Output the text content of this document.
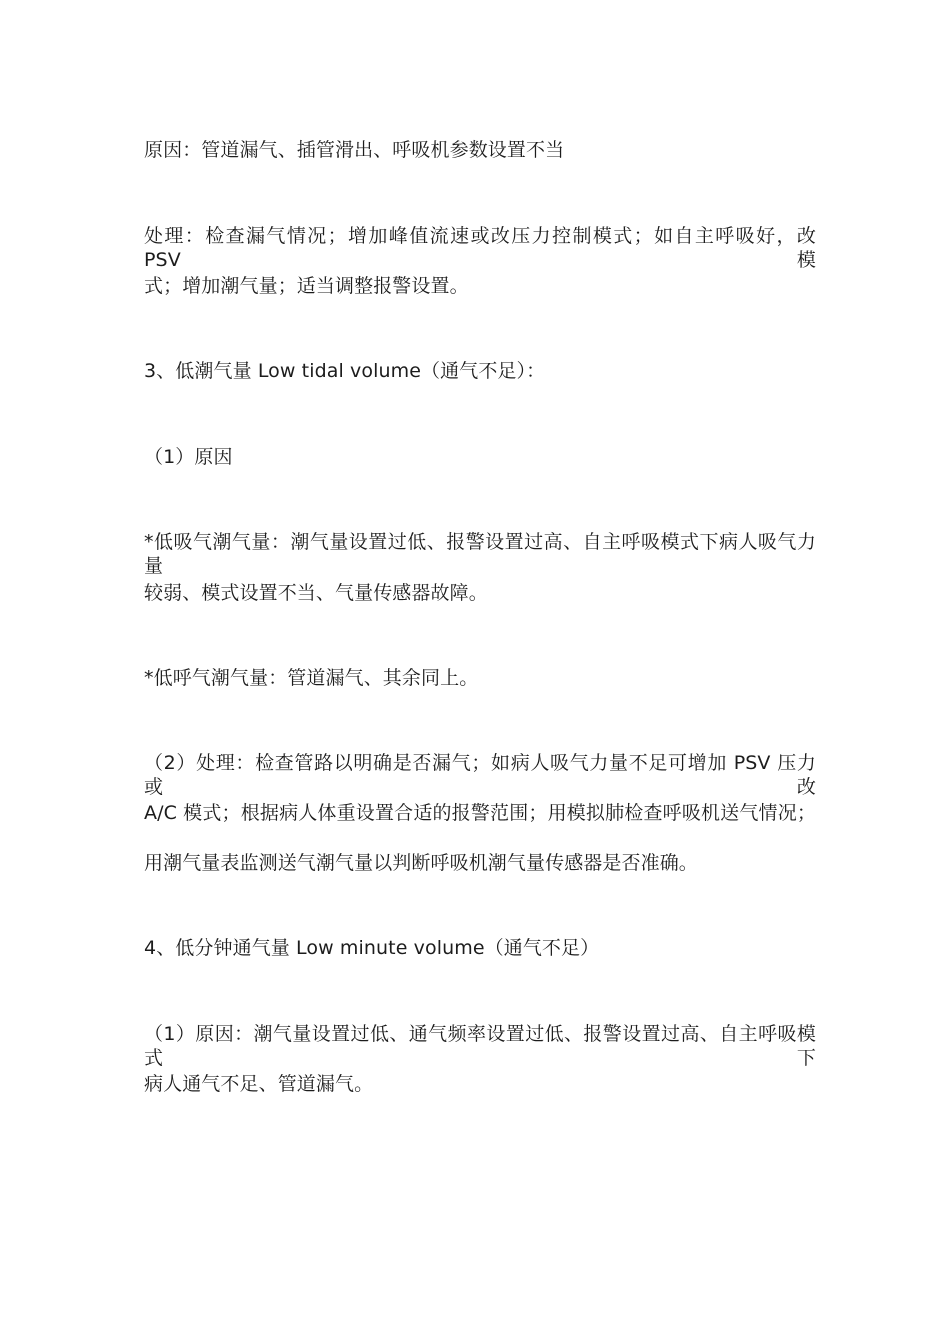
原因：管道漏气、插管滑出、呼吸机参数设置不当
处理：检查漏气情况；增加峰值流速或改压力控制模式；如自主呼吸好，改 PSV 模
式；增加潮气量；适当调整报警设置。
3、低潮气量 Low tidal volume（通气不足）：
（1）原因
*低吸气潮气量：潮气量设置过低、报警设置过高、自主呼吸模式下病人吸气力量
较弱、模式设置不当、气量传感器故障。
*低呼气潮气量：管道漏气、其余同上。
（2）处理：检查管路以明确是否漏气；如病人吸气力量不足可增加 PSV 压力或改
A/C 模式；根据病人体重设置合适的报警范围；用模拟肺检查呼吸机送气情况；
用潮气量表监测送气潮气量以判断呼吸机潮气量传感器是否准确。
4、低分钟通气量 Low minute volume（通气不足）
（1）原因：潮气量设置过低、通气频率设置过低、报警设置过高、自主呼吸模式下
病人通气不足、管道漏气。
